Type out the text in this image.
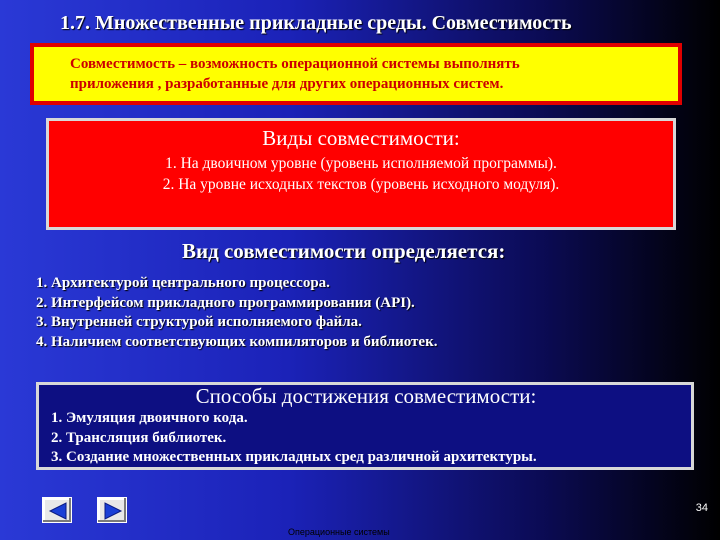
1.7. Множественные прикладные среды. Совместимость
Совместимость – возможность операционной системы выполнять
приложения , разработанные для других операционных систем.
Виды совместимости:
1. На двоичном уровне (уровень исполняемой программы).
2. На уровне исходных текстов (уровень исходного модуля).
Вид совместимости определяется:
1. Архитектурой центрального процессора.
2. Интерфейсом прикладного программирования (API).
3. Внутренней структурой исполняемого файла.
4. Наличием соответствующих компиляторов и библиотек.
Способы достижения совместимости:
1. Эмуляция двоичного кода.
2. Трансляция библиотек.
3. Создание множественных прикладных сред различной архитектуры.
34
Операционные системы
